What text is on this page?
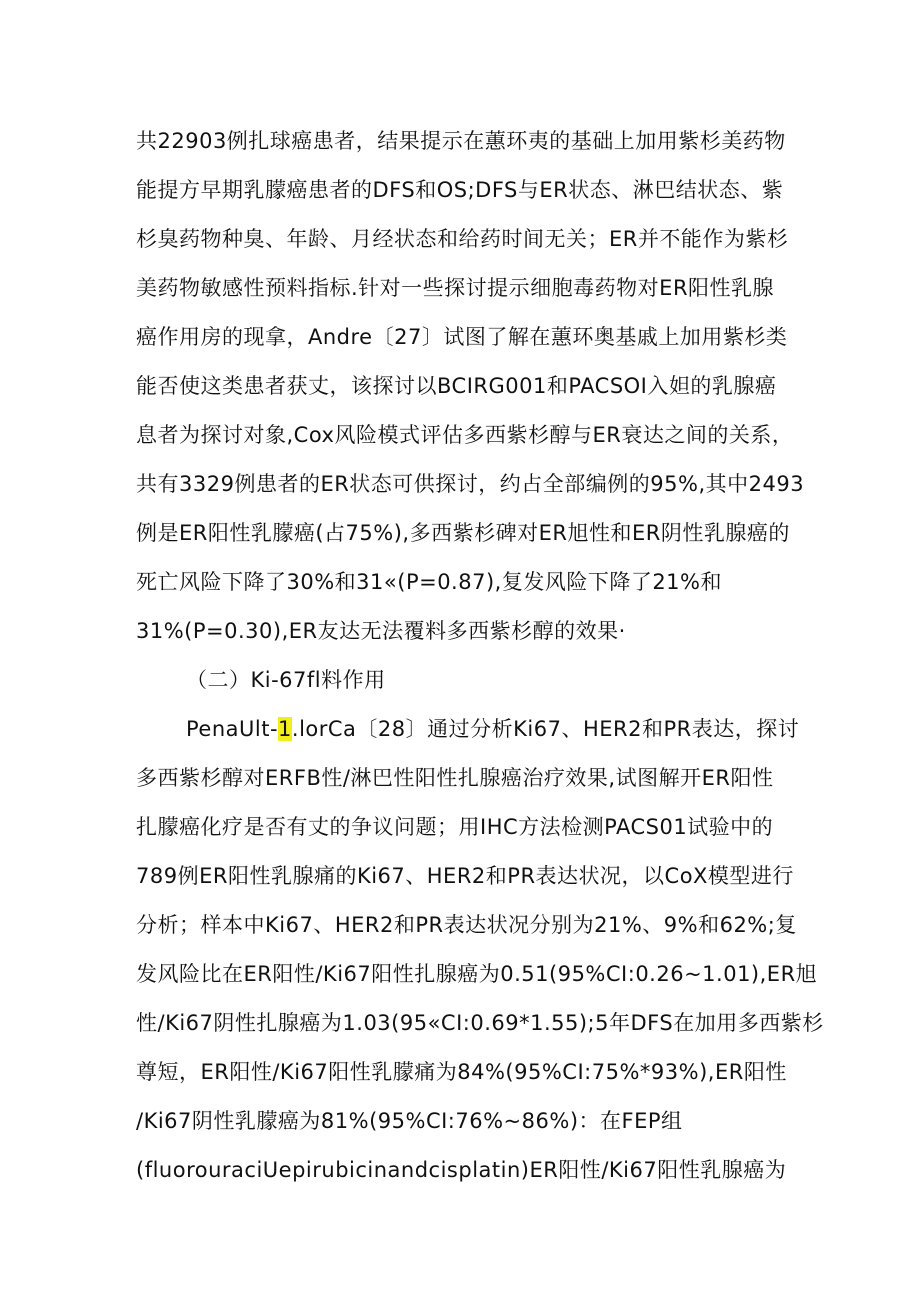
共22903例扎球癌患者，结果提示在蕙环夷的基础上加用紫杉美药物
能提方早期乳朦癌患者的DFS和OS;DFS与ER状态、淋巴结状态、紫
杉臭药物种臭、年龄、月经状态和给药时间无关；ER并不能作为紫杉
美药物敏感性预料指标.针对一些探讨提示细胞毒药物对ER阳性乳腺
癌作用房的现拿，Andre〔27〕试图了解在蕙环奥基戚上加用紫杉类
能否使这类患者获丈，该探讨以BCIRG001和PACSOI入妲的乳腺癌
息者为探讨对象,Cox风险模式评估多西紫杉醇与ER衰达之间的关系，
共有3329例患者的ER状态可供探讨，约占全部编例的95%,其中2493
例是ER阳性乳朦癌(占75%),多西紫杉碑对ER旭性和ER阴性乳腺癌的
死亡风险下降了30%和31«(P=0.87),复发风险下降了21%和
31%(P=0.30),ER友达无法覆料多西紫杉醇的效果·
（二）Ki-67fl料作用
PenaUlt-1.lorCa〔28〕通过分析Ki67、HER2和PR表达，探讨
多西紫杉醇对ERFB性/淋巴性阳性扎腺癌治疗效果,试图解开ER阳性
扎朦癌化疗是否有丈的争议问题；用IHC方法检测PACS01试验中的
789例ER阳性乳腺痛的Ki67、HER2和PR表达状况，以CoX模型进行
分析；样本中Ki67、HER2和PR表达状况分别为21%、9%和62%;复
发风险比在ER阳性/Ki67阳性扎腺癌为0.51(95%CI:0.26~1.01),ER旭
性/Ki67阴性扎腺癌为1.03(95«CI:0.69*1.55);5年DFS在加用多西紫杉
尊短，ER阳性/Ki67阳性乳朦痛为84%(95%CI:75%*93%),ER阳性
/Ki67阴性乳朦癌为81%(95%CI:76%~86%)：在FEP组
(fluorouraciUepirubicinandcisplatin)ER阳性/Ki67阳性乳腺癌为
